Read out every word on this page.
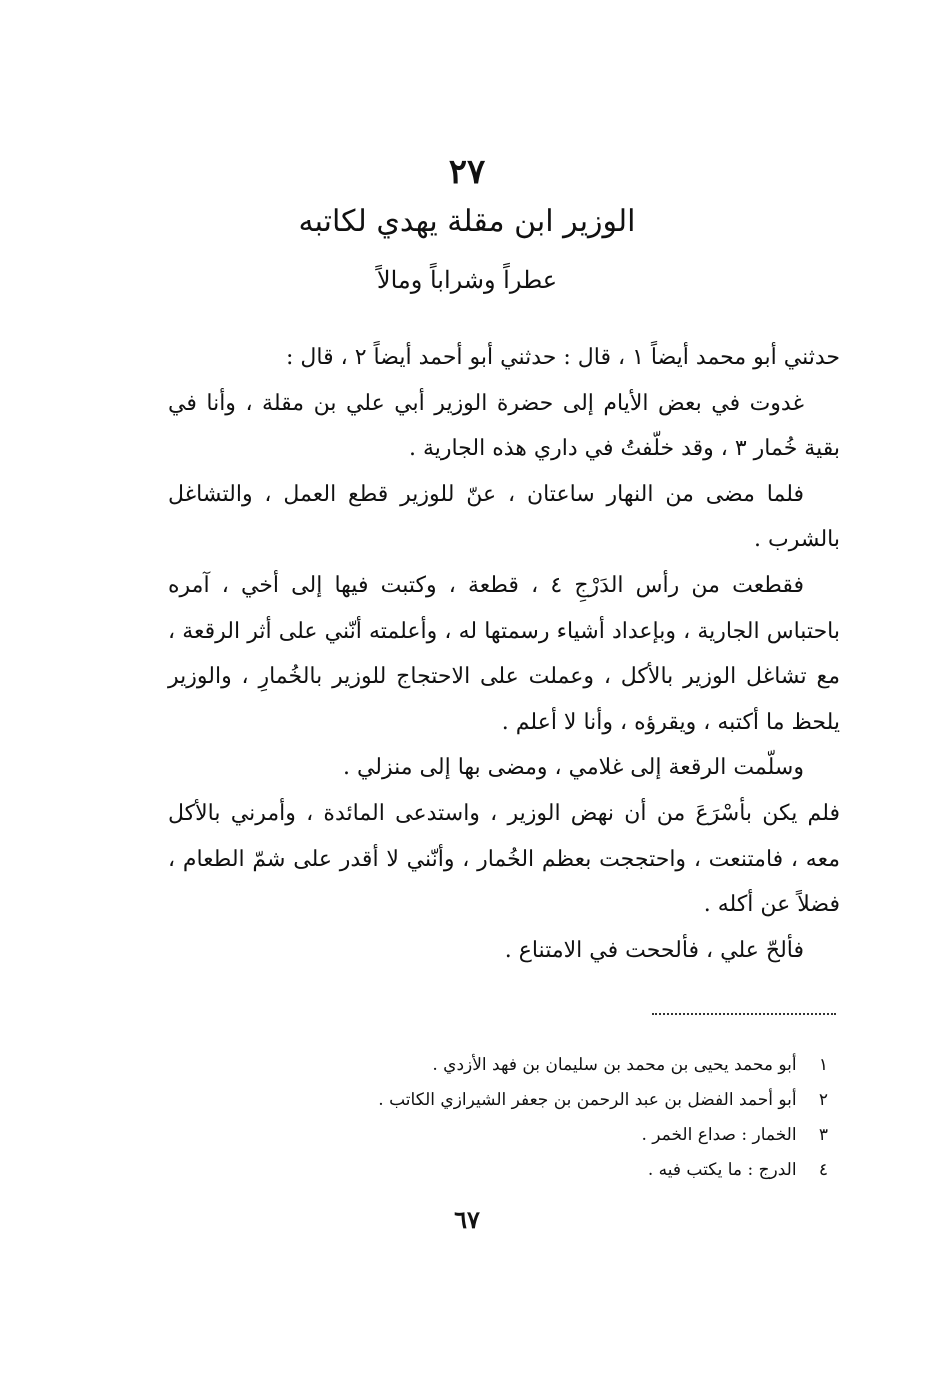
٢٧
الوزير ابن مقلة يهدي لكاتبه
عطراً وشراباً ومالاً

حدثني أبو محمد أيضاً ١ ، قال : حدثني أبو أحمد أيضاً ٢ ، قال :

غدوت في بعض الأيام إلى حضرة الوزير أبي علي بن مقلة ، وأنا في بقية خُمار ٣ ، وقد خلّفتُ في داري هذه الجارية .

فلما مضى من النهار ساعتان ، عنّ للوزير قطع العمل ، والتشاغل بالشرب .

فقطعت من رأس الدَرْجِ ٤ ، قطعة ، وكتبت فيها إلى أخي ، آمره باحتباس الجارية ، وبإعداد أشياء رسمتها له ، وأعلمته أنّني على أثر الرقعة ، مع تشاغل الوزير بالأكل ، وعملت على الاحتجاج للوزير بالخُمارِ ، والوزير يلحظ ما أكتبه ، ويقرؤه ، وأنا لا أعلم .

وسلّمت الرقعة إلى غلامي ، ومضى بها إلى منزلي .

فلم يكن بأسْرَعَ من أن نهض الوزير ، واستدعى المائدة ، وأمرني بالأكل معه ، فامتنعت ، واحتججت بعظم الخُمار ، وأنّني لا أقدر على شمّ الطعام ، فضلاً عن أكله .

فألحّ علي ، فألححت في الامتناع .

١ أبو محمد يحيى بن محمد بن سليمان بن فهد الأزدي .
٢ أبو أحمد الفضل بن عبد الرحمن بن جعفر الشيرازي الكاتب .
٣ الخمار : صداع الخمر .
٤ الدرج : ما يكتب فيه .
٦٧
